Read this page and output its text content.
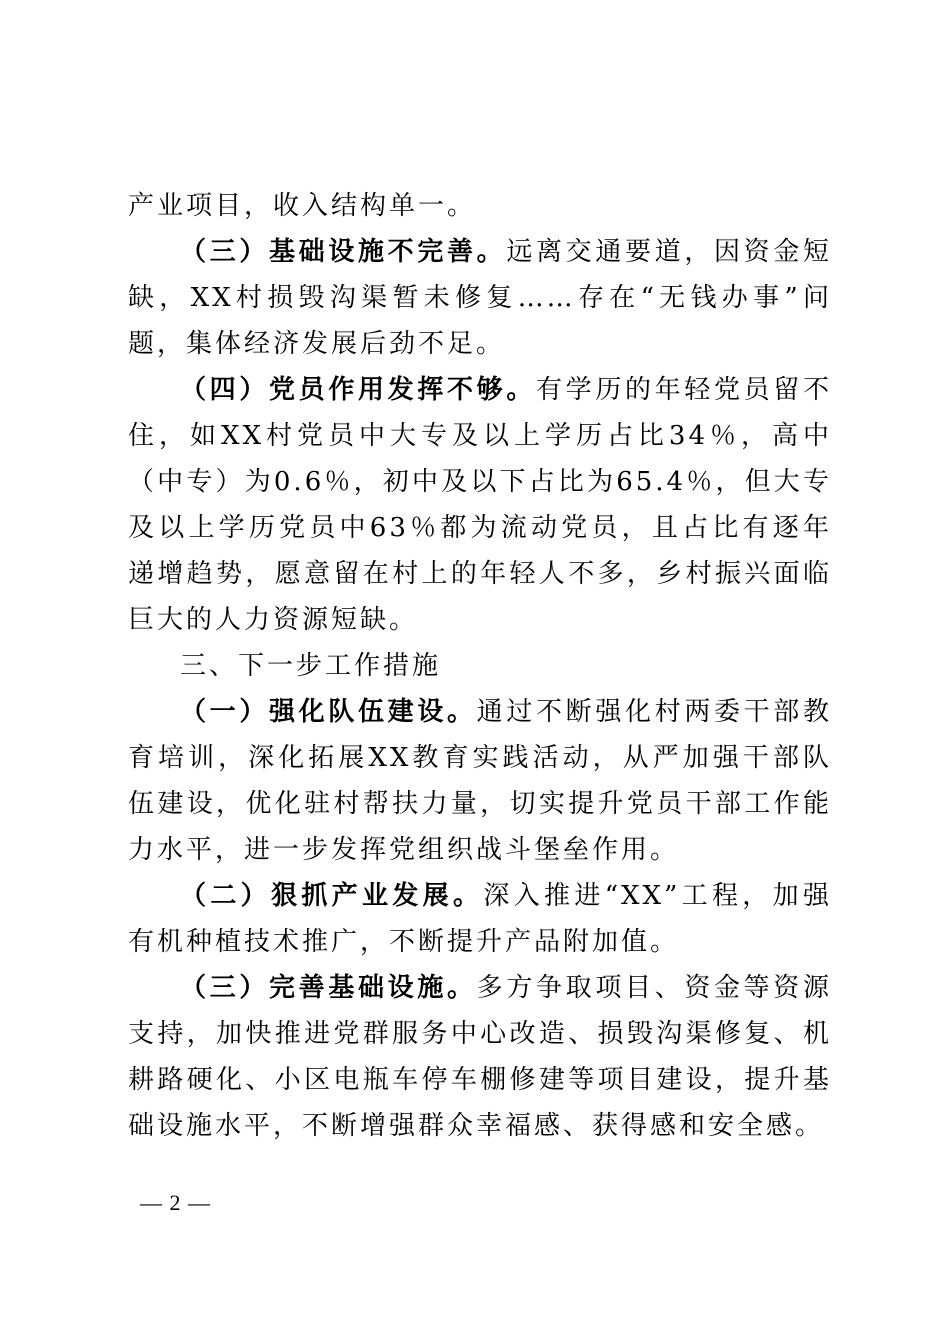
产业项目，收入结构单一。

（三）基础设施不完善。远离交通要道，因资金短缺，XX村损毁沟渠暂未修复……存在“无钱办事”问题，集体经济发展后劲不足。

（四）党员作用发挥不够。有学历的年轻党员留不住，如XX村党员中大专及以上学历占比34％，高中（中专）为0.6％，初中及以下占比为65.4％，但大专及以上学历党员中63％都为流动党员，且占比有逐年递增趋势，愿意留在村上的年轻人不多，乡村振兴面临巨大的人力资源短缺。

三、下一步工作措施

（一）强化队伍建设。通过不断强化村两委干部教育培训，深化拓展XX教育实践活动，从严加强干部队伍建设，优化驻村帮扶力量，切实提升党员干部工作能力水平，进一步发挥党组织战斗堡垒作用。

（二）狠抓产业发展。深入推进“XX”工程，加强有机种植技术推广，不断提升产品附加值。

（三）完善基础设施。多方争取项目、资金等资源支持，加快推进党群服务中心改造、损毁沟渠修复、机耕路硬化、小区电瓶车停车棚修建等项目建设，提升基础设施水平，不断增强群众幸福感、获得感和安全感。

— 2 —
